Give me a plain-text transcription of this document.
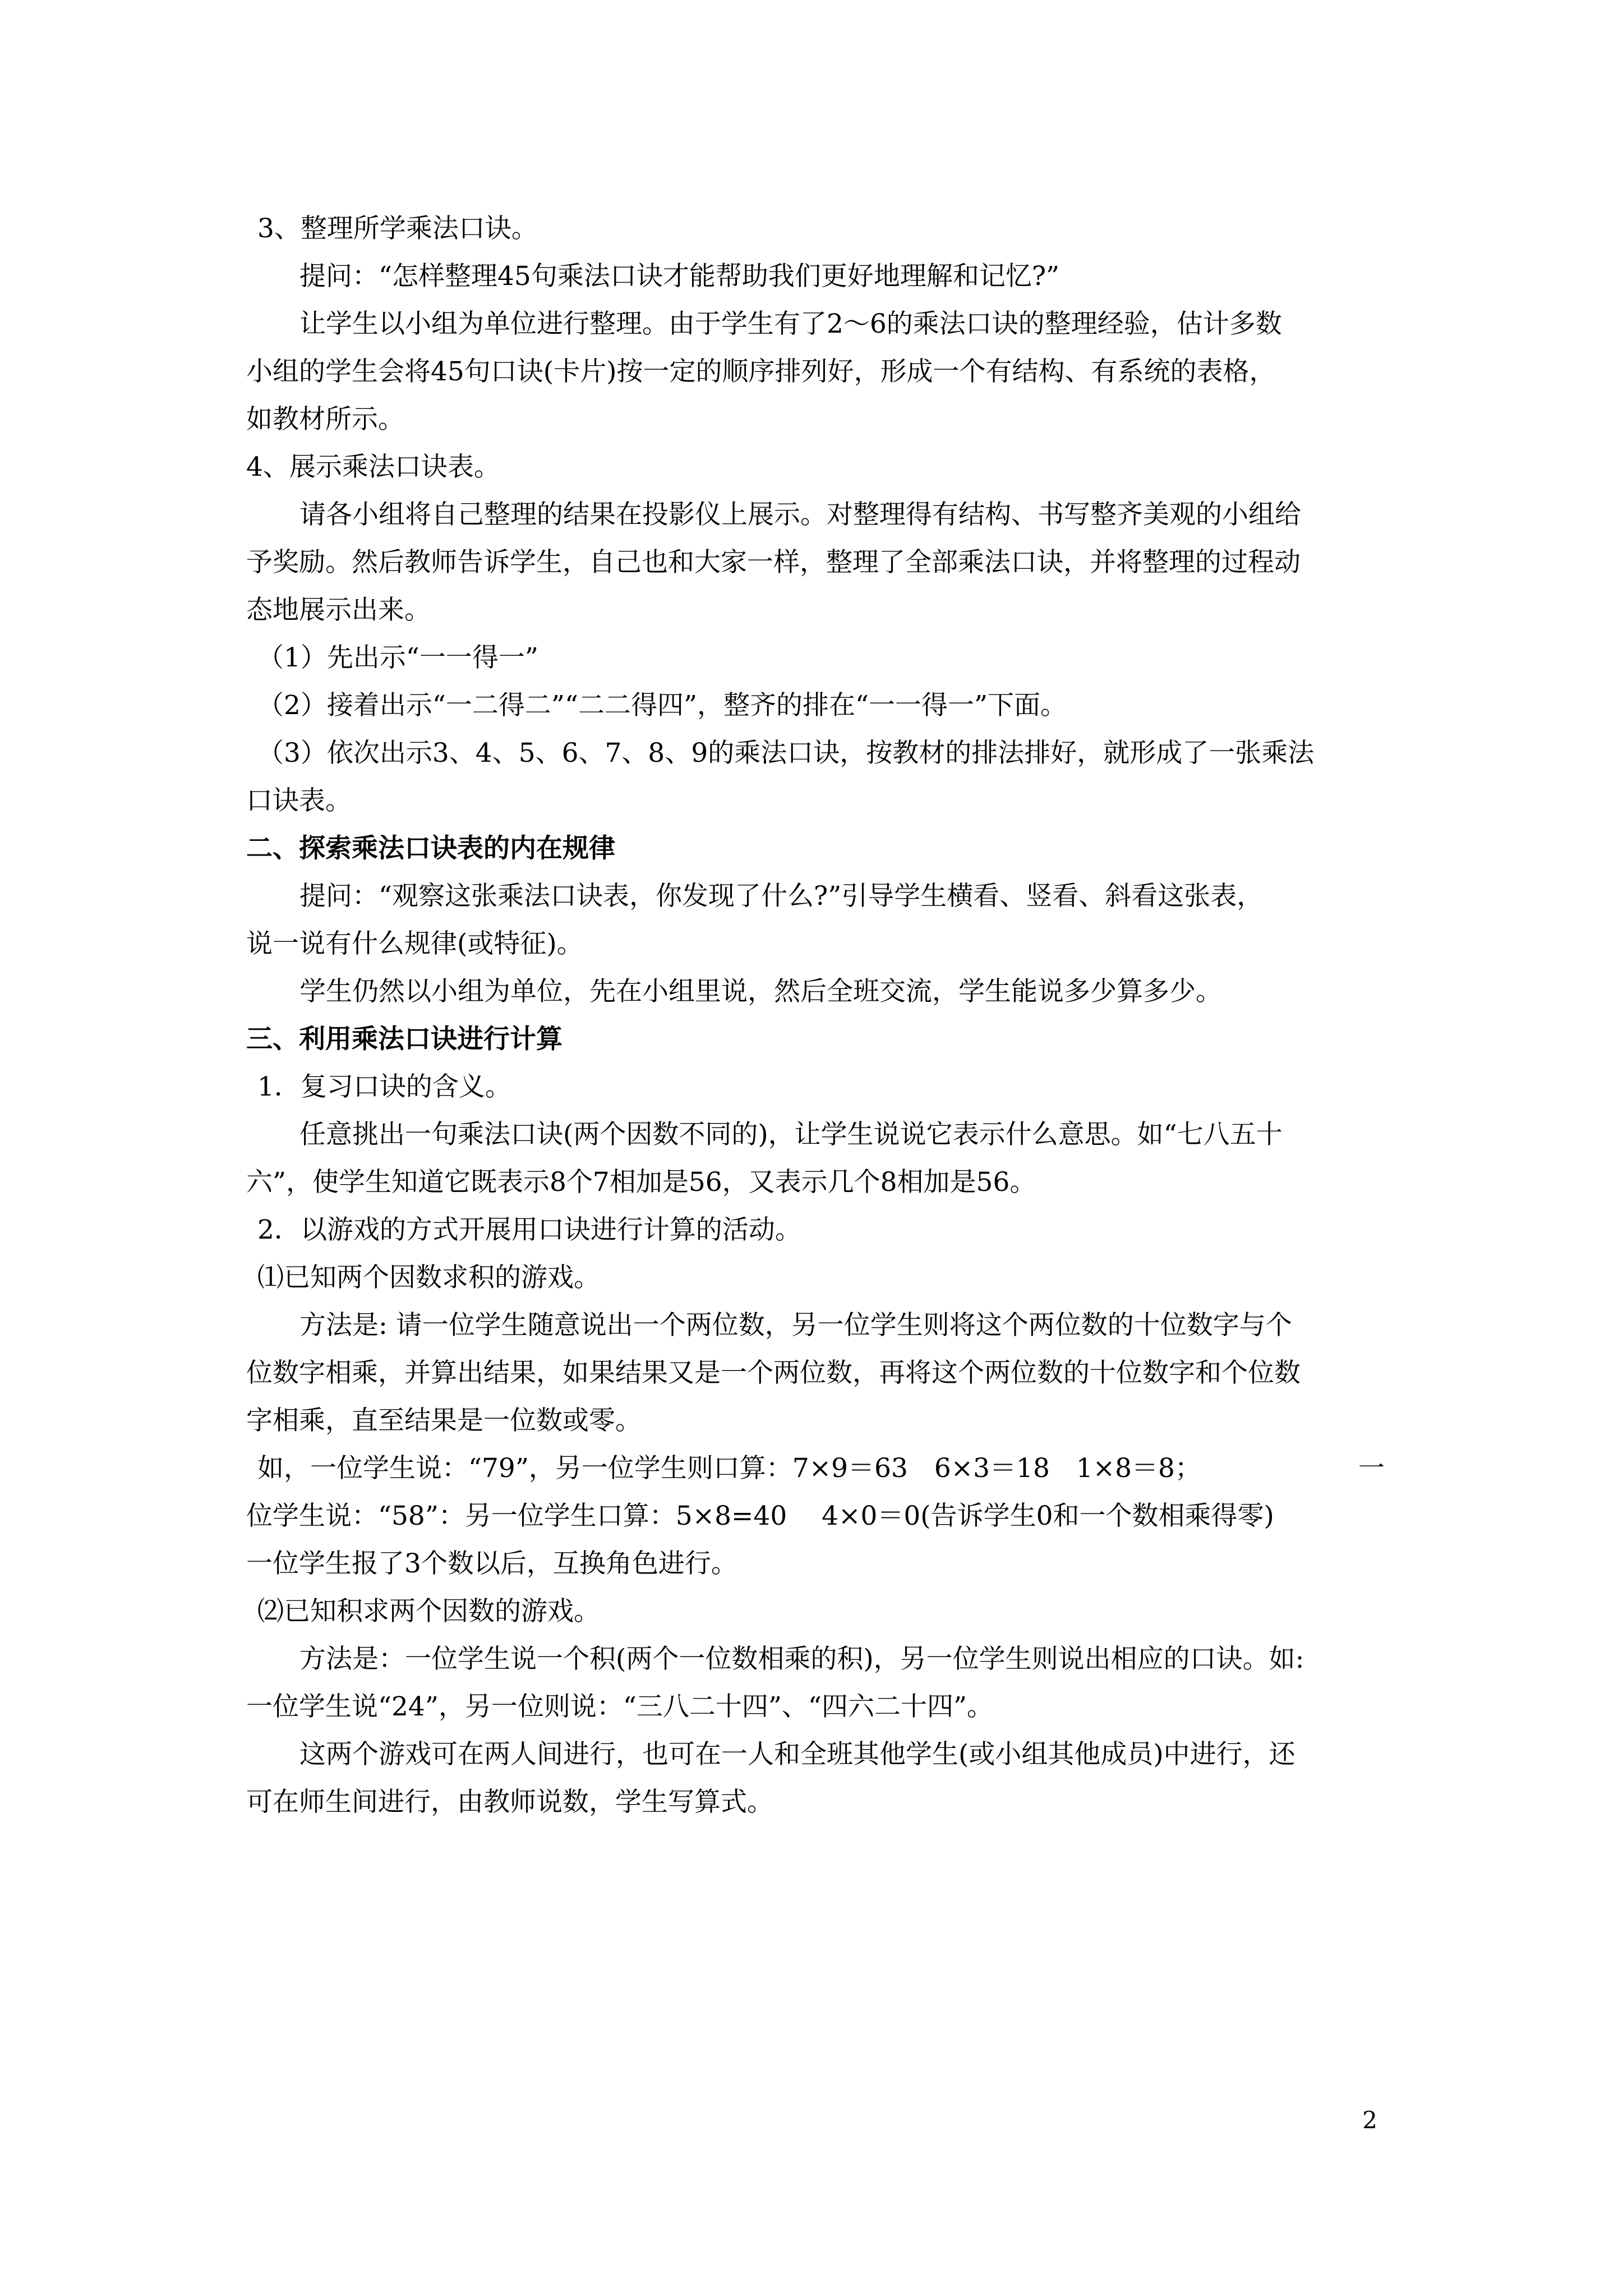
3、整理所学乘法口诀。
提问：“怎样整理45句乘法口诀才能帮助我们更好地理解和记忆?”
让学生以小组为单位进行整理。由于学生有了2～6的乘法口诀的整理经验，估计多数
小组的学生会将45句口诀(卡片)按一定的顺序排列好，形成一个有结构、有系统的表格，
如教材所示。
4、展示乘法口诀表。
请各小组将自己整理的结果在投影仪上展示。对整理得有结构、书写整齐美观的小组给
予奖励。然后教师告诉学生，自己也和大家一样，整理了全部乘法口诀，并将整理的过程动
态地展示出来。
（1）先出示“一一得一”
（2）接着出示“一二得二”“二二得四”，整齐的排在“一一得一”下面。
（3）依次出示3、4、5、6、7、8、9的乘法口诀，按教材的排法排好，就形成了一张乘法
口诀表。
二、探索乘法口诀表的内在规律
提问：“观察这张乘法口诀表，你发现了什么?”引导学生横看、竖看、斜看这张表，
说一说有什么规律(或特征)。
学生仍然以小组为单位，先在小组里说，然后全班交流，学生能说多少算多少。
三、利用乘法口诀进行计算
1．复习口诀的含义。
任意挑出一句乘法口诀(两个因数不同的)，让学生说说它表示什么意思。如“七八五十
六”，使学生知道它既表示8个7相加是56，又表示几个8相加是56。
2．以游戏的方式开展用口诀进行计算的活动。
⑴已知两个因数求积的游戏。
方法是: 请一位学生随意说出一个两位数，另一位学生则将这个两位数的十位数字与个
位数字相乘，并算出结果，如果结果又是一个两位数，再将这个两位数的十位数字和个位数
字相乘，直至结果是一位数或零。
如，一位学生说：“79”，另一位学生则口算：7×9＝63　6×3＝18　1×8＝8；	一
位学生说：“58”：另一位学生口算：5×8=40　 4×0＝0(告诉学生0和一个数相乘得零)
一位学生报了3个数以后，互换角色进行。
⑵已知积求两个因数的游戏。
方法是：一位学生说一个积(两个一位数相乘的积)，另一位学生则说出相应的口诀。如:
一位学生说“24”，另一位则说：“三八二十四”、“四六二十四”。
这两个游戏可在两人间进行，也可在一人和全班其他学生(或小组其他成员)中进行，还
可在师生间进行，由教师说数，学生写算式。
2
